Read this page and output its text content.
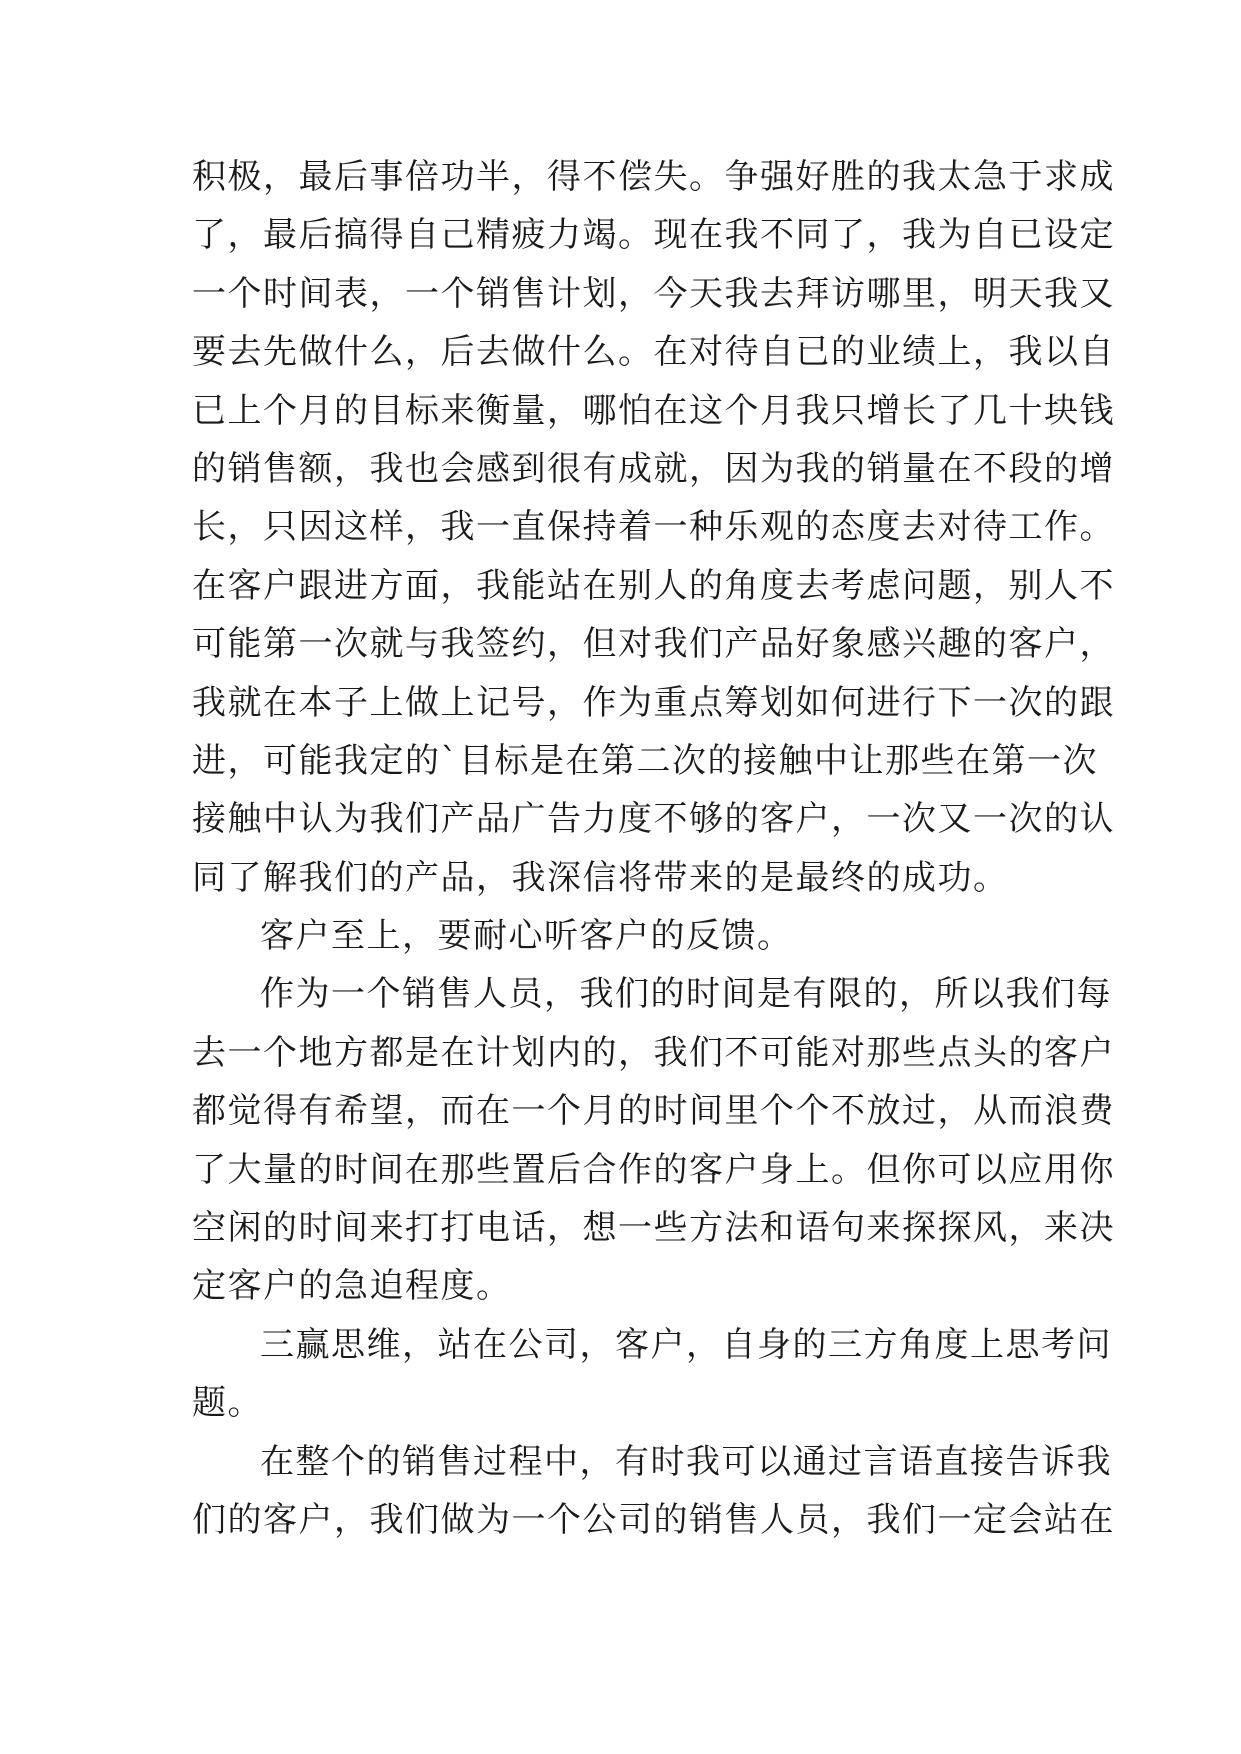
积极，最后事倍功半，得不偿失。争强好胜的我太急于求成
了，最后搞得自己精疲力竭。现在我不同了，我为自已设定
一个时间表，一个销售计划，今天我去拜访哪里，明天我又
要去先做什么，后去做什么。在对待自已的业绩上，我以自
已上个月的目标来衡量，哪怕在这个月我只增长了几十块钱
的销售额，我也会感到很有成就，因为我的销量在不段的增
长，只因这样，我一直保持着一种乐观的态度去对待工作。
在客户跟进方面，我能站在别人的角度去考虑问题，别人不
可能第一次就与我签约，但对我们产品好象感兴趣的客户，
我就在本子上做上记号，作为重点筹划如何进行下一次的跟
进，可能我定的`目标是在第二次的接触中让那些在第一次
接触中认为我们产品广告力度不够的客户，一次又一次的认
同了解我们的产品，我深信将带来的是最终的成功。
客户至上，要耐心听客户的反馈。
作为一个销售人员，我们的时间是有限的，所以我们每
去一个地方都是在计划内的，我们不可能对那些点头的客户
都觉得有希望，而在一个月的时间里个个不放过，从而浪费
了大量的时间在那些置后合作的客户身上。但你可以应用你
空闲的时间来打打电话，想一些方法和语句来探探风，来决
定客户的急迫程度。
三赢思维，站在公司，客户，自身的三方角度上思考问
题。
在整个的销售过程中，有时我可以通过言语直接告诉我
们的客户，我们做为一个公司的销售人员，我们一定会站在
